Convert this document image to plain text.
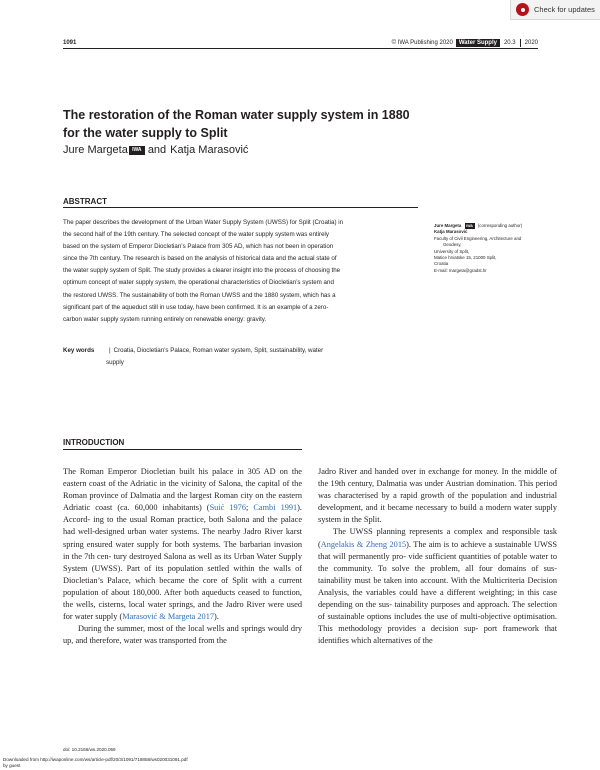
Check for updates
1091	© IWA Publishing 2020	Water Supply	20.3 2020
The restoration of the Roman water supply system in 1880
for the water supply to Split
Jure Margeta IWA and Katja Marasović
ABSTRACT
The paper describes the development of the Urban Water Supply System (UWSS) for Split (Croatia) in
the second half of the 19th century. The selected concept of the water supply system was entirely
based on the system of Emperor Diocletian’s Palace from 305 AD, which has not been in operation
since the 7th century. The research is based on the analysis of historical data and the actual state of
the water supply system of Split. The study provides a clearer insight into the process of choosing the
optimum concept of water supply system, the operational characteristics of Diocletian’s system and
the restored UWSS. The sustainability of both the Roman UWSS and the 1880 system, which has a
significant part of the aqueduct still in use today, have been confirmed. It is an example of a zero-
carbon water supply system running entirely on renewable energy: gravity.
Key words	| Croatia, Diocletian’s Palace, Roman water system, Split, sustainability, water
supply
Jure Margeta IWA (corresponding author)
Katja Marasović
Faculty of Civil Engineering, Architecture and
Geodesy,
University of Split,
Matice hrvatske 15, 21000 Split,
Croatia
E-mail: margeta@gradst.hr
INTRODUCTION

The Roman Emperor Diocletian built his palace in 305 AD on the eastern coast of the Adriatic in the vicinity of Salona, the capital of the Roman province of Dalmatia and the largest Roman city on the eastern Adriatic coast (ca. 60,000 inhabitants) (Suić 1976; Cambi 1991). Accord- ing to the usual Roman practice, both Salona and the palace had well-designed urban water systems. The nearby Jadro River karst spring ensured water supply for both systems. The barbarian invasion in the 7th cen- tury destroyed Salona as well as its Urban Water Supply System (UWSS). Part of its population settled within the walls of Diocletian’s Palace, which became the core of Split with a current population of about 180,000. After both aqueducts ceased to function, the wells, cisterns, local water springs, and the Jadro River were used for water supply (Marasović & Margeta 2017).

During the summer, most of the local wells and springs would dry up, and therefore, water was transported from the

Jadro River and handed over in exchange for money. In the middle of the 19th century, Dalmatia was under Austrian domination. This period was characterised by a rapid growth of the population and industrial development, and it became necessary to build a modern water supply system in the Split.

The UWSS planning represents a complex and responsible task (Angelakis & Zheng 2015). The aim is to achieve a sustainable UWSS that will permanently pro- vide sufficient quantities of potable water to the community. To solve the problem, all four domains of sus- tainability must be taken into account. With the Multicriteria Decision Analysis, the variables could have a different weighting; in this case depending on the sus- tainability purposes and approach. The selection of sustainable options includes the use of multi-objective optimisation. This methodology provides a decision sup- port framework that identifies which alternatives of the

doi: 10.2166/ws.2020.059
Downloaded from http://iwaponline.com/ws/article-pdf/20/3/1091/718858/ws020031091.pdf
by guest
